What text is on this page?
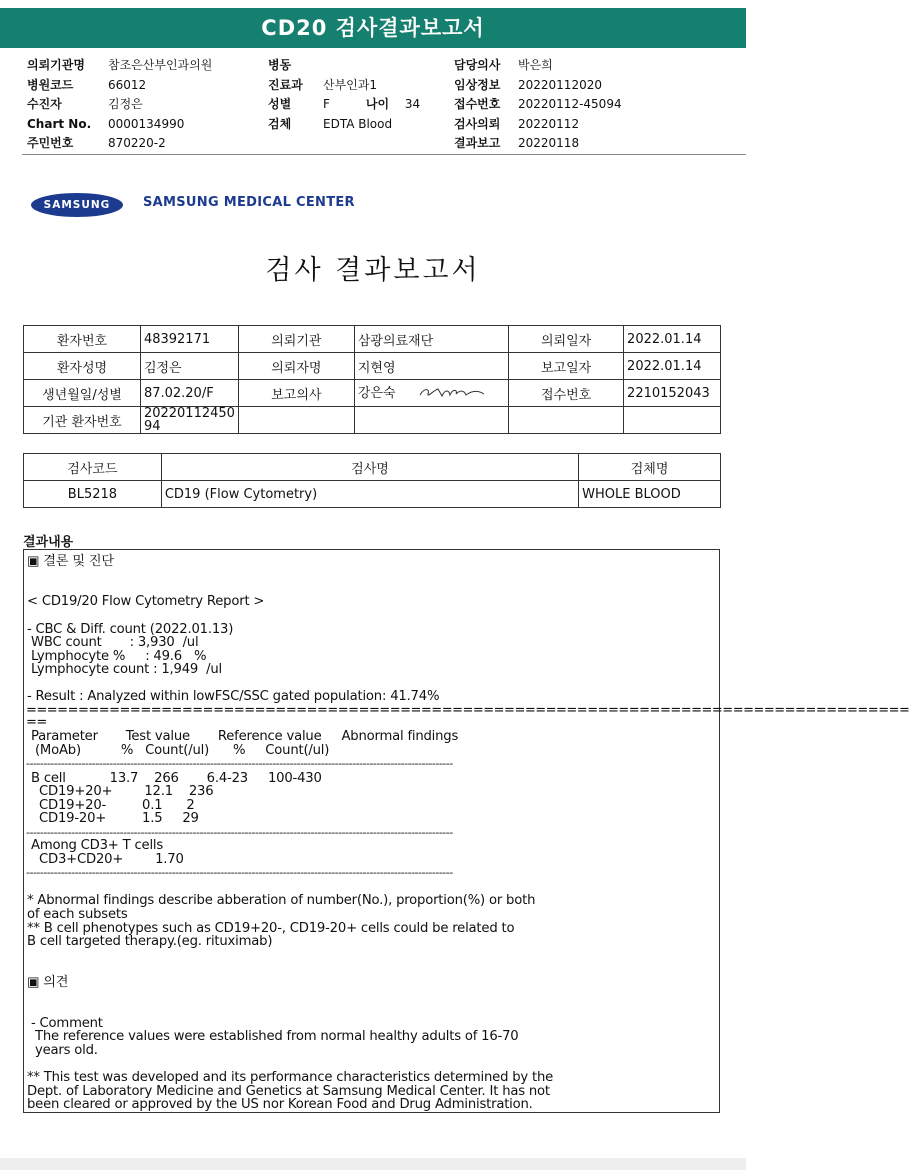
CD20 검사결과보고서
의뢰기관명	참조은산부인과의원
병원코드	66012
수진자	김정은
Chart No.	0000134990
주민번호	870220-2
병동
진료과	산부인과1
성별	F	나이	34
검체	EDTA Blood
담당의사	박은희
임상정보	20220112020
접수번호	20220112-45094
검사의뢰	20220112
결과보고	20220118
SAMSUNG	SAMSUNG MEDICAL CENTER
검사 결과보고서
환자번호	48392171	의뢰기관	삼광의료재단	의뢰일자	2022.01.14
환자성명	김정은	의뢰자명	지현영	보고일자	2022.01.14
생년월일/성별	87.02.20/F	보고의사	강은숙	접수번호	2210152043
기관 환자번호	20220112450
94				
검사코드	검사명	검체명
BL5218	CD19 (Flow Cytometry)	WHOLE BLOOD
결과내용
▣ 결론 및 진단
< CD19/20 Flow Cytometry Report >
- CBC & Diff. count (2022.01.13)
WBC count       : 3,930  /ul
Lymphocyte %     : 49.6   %
Lymphocyte count : 1,949  /ul
- Result : Analyzed within lowFSC/SSC gated population: 41.74%
=====================================================================================
==
Parameter       Test value       Reference value     Abnormal findings
(MoAb)          %   Count(/ul)      %     Count(/ul)
---------------------------------------------------------------------------------------------------------------------------
B cell           13.7    266       6.4-23     100-430
CD19+20+        12.1    236
CD19+20-         0.1      2
CD19-20+         1.5     29
---------------------------------------------------------------------------------------------------------------------------
Among CD3+ T cells
CD3+CD20+        1.70
---------------------------------------------------------------------------------------------------------------------------
* Abnormal findings describe abberation of number(No.), proportion(%) or both
of each subsets
** B cell phenotypes such as CD19+20-, CD19-20+ cells could be related to
B cell targeted therapy.(eg. rituximab)
▣ 의견
- Comment
The reference values were established from normal healthy adults of 16-70
years old.
** This test was developed and its performance characteristics determined by the
Dept. of Laboratory Medicine and Genetics at Samsung Medical Center. It has not
been cleared or approved by the US nor Korean Food and Drug Administration.
